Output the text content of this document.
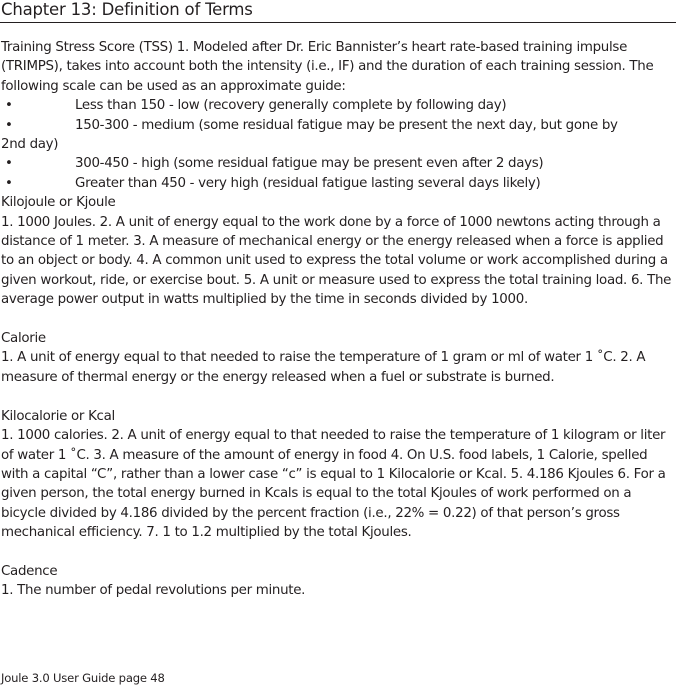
Chapter 13: Definition of Terms

Training Stress Score (TSS) 1. Modeled after Dr. Eric Bannister’s heart rate-based training impulse (TRIMPS), takes into account both the intensity (i.e., IF) and the duration of each training session. The following scale can be used as an approximate guide:

•	Less than 150 - low (recovery generally complete by following day)
•	150-300 - medium (some residual fatigue may be present the next day, but gone by

2nd day)

•	300-450 - high (some residual fatigue may be present even after 2 days)
•	Greater than 450 - very high (residual fatigue lasting several days likely)

Kilojoule or Kjoule

1. 1000 Joules. 2. A unit of energy equal to the work done by a force of 1000 newtons acting through a distance of 1 meter. 3. A measure of mechanical energy or the energy released when a force is applied to an object or body. 4. A common unit used to express the total volume or work accomplished during a given workout, ride, or exercise bout. 5. A unit or measure used to express the total training load. 6. The average power output in watts multiplied by the time in seconds divided by 1000.

Calorie

1. A unit of energy equal to that needed to raise the temperature of 1 gram or ml of water 1 ˚C. 2. A measure of thermal energy or the energy released when a fuel or substrate is burned.

Kilocalorie or Kcal

1. 1000 calories. 2. A unit of energy equal to that needed to raise the temperature of 1 kilogram or liter of water 1 ˚C. 3. A measure of the amount of energy in food 4. On U.S. food labels, 1 Calorie, spelled with a capital “C”, rather than a lower case “c” is equal to 1 Kilocalorie or Kcal. 5. 4.186 Kjoules 6. For a given person, the total energy burned in Kcals is equal to the total Kjoules of work performed on a bicycle divided by 4.186 divided by the percent fraction (i.e., 22% = 0.22) of that person’s gross mechanical efficiency. 7. 1 to 1.2 multiplied by the total Kjoules.

Cadence

1. The number of pedal revolutions per minute.

Joule 3.0 User Guide page 48
